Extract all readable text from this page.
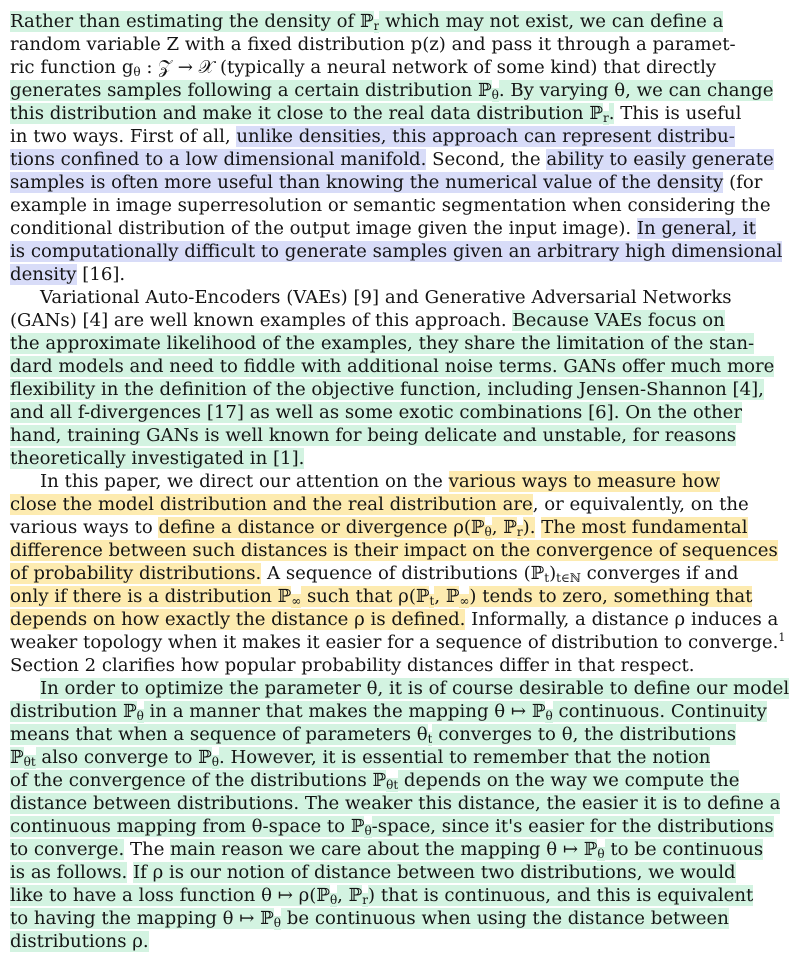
Rather than estimating the density of ℙ$_r$ which may not exist, we can define a
random variable Z with a fixed distribution p(z) and pass it through a paramet-
ric function $g_\theta$ : 𝒵 → 𝒳 (typically a neural network of some kind) that directly
generates samples following a certain distribution ℙ$_\theta$. By varying θ, we can change
this distribution and make it close to the real data distribution ℙ$_r$. This is useful
in two ways. First of all, unlike densities, this approach can represent distribu-
tions confined to a low dimensional manifold. Second, the ability to easily generate
samples is often more useful than knowing the numerical value of the density (for
example in image superresolution or semantic segmentation when considering the
conditional distribution of the output image given the input image). In general, it
is computationally difficult to generate samples given an arbitrary high dimensional
density [16].
Variational Auto-Encoders (VAEs) [9] and Generative Adversarial Networks
(GANs) [4] are well known examples of this approach. Because VAEs focus on
the approximate likelihood of the examples, they share the limitation of the stan-
dard models and need to fiddle with additional noise terms. GANs offer much more
flexibility in the definition of the objective function, including Jensen-Shannon [4],
and all f-divergences [17] as well as some exotic combinations [6]. On the other
hand, training GANs is well known for being delicate and unstable, for reasons
theoretically investigated in [1].
In this paper, we direct our attention on the various ways to measure how
close the model distribution and the real distribution are, or equivalently, on the
various ways to define a distance or divergence ρ(ℙ$_\theta$, ℙ$_r$). The most fundamental
difference between such distances is their impact on the convergence of sequences
of probability distributions. A sequence of distributions $(ℙ_t)_{t\in ℕ}$ converges if and
only if there is a distribution ℙ$_\infty$ such that ρ(ℙ$_t$, ℙ$_\infty$) tends to zero, something that
depends on how exactly the distance ρ is defined. Informally, a distance ρ induces a
weaker topology when it makes it easier for a sequence of distribution to converge.$^1$
Section 2 clarifies how popular probability distances differ in that respect.
In order to optimize the parameter θ, it is of course desirable to define our model
distribution ℙ$_\theta$ in a manner that makes the mapping θ ↦ ℙ$_\theta$ continuous. Continuity
means that when a sequence of parameters $\theta_t$ converges to θ, the distributions
ℙ$_{\theta t}$ also converge to ℙ$_\theta$. However, it is essential to remember that the notion
of the convergence of the distributions ℙ$_{\theta t}$ depends on the way we compute the
distance between distributions. The weaker this distance, the easier it is to define a
continuous mapping from θ-space to ℙ$_\theta$-space, since it's easier for the distributions
to converge. The main reason we care about the mapping θ ↦ ℙ$_\theta$ to be continuous
is as follows. If ρ is our notion of distance between two distributions, we would
like to have a loss function θ ↦ ρ(ℙ$_\theta$, ℙ$_r$) that is continuous, and this is equivalent
to having the mapping θ ↦ ℙ$_\theta$ be continuous when using the distance between
distributions ρ.
